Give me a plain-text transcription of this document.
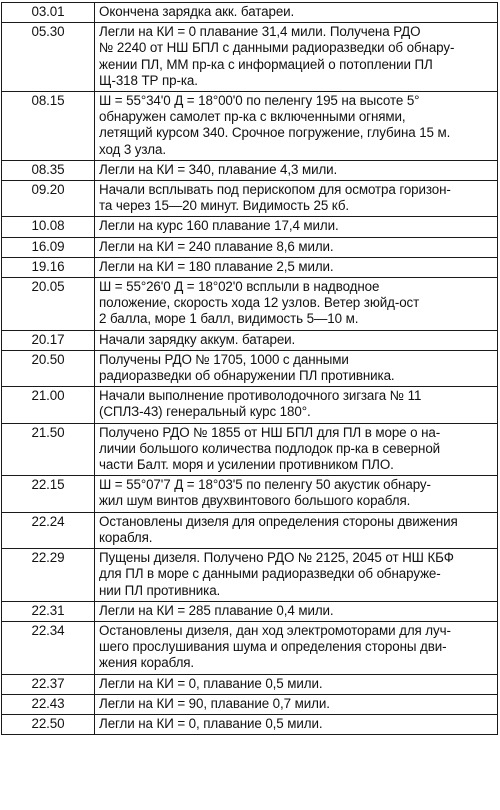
03.01	Окончена зарядка акк. батареи.
05.30	Легли на КИ = 0 плавание 31,4 мили. Получена РДО
№ 2240 от НШ БПЛ с данными радиоразведки об обнару-
жении ПЛ, ММ пр-ка с информацией о потоплении ПЛ
Щ-318 ТР пр-ка.
08.15	Ш = 55°34'0 Д = 18°00'0 по пеленгу 195 на высоте 5°
обнаружен самолет пр-ка с включенными огнями,
летящий курсом 340. Срочное погружение, глубина 15 м.
ход 3 узла.
08.35	Легли на КИ = 340, плавание 4,3 мили.
09.20	Начали всплывать под перископом для осмотра горизон-
та через 15—20 минут. Видимость 25 кб.
10.08	Легли на курс 160 плавание 17,4 мили.
16.09	Легли на КИ = 240 плавание 8,6 мили.
19.16	Легли на КИ = 180 плавание 2,5 мили.
20.05	Ш = 55°26'0 Д = 18°02'0 всплыли в надводное
положение, скорость хода 12 узлов. Ветер зюйд-ост
2 балла, море 1 балл, видимость 5—10 м.
20.17	Начали зарядку аккум. батареи.
20.50	Получены РДО № 1705, 1000 с данными
радиоразведки об обнаружении ПЛ противника.
21.00	Начали выполнение противолодочного зигзага № 11
(СПЛЗ-43) генеральный курс 180°.
21.50	Получено РДО № 1855 от НШ БПЛ для ПЛ в море о на-
личии большого количества подлодок пр-ка в северной
части Балт. моря и усилении противником ПЛО.
22.15	Ш = 55°07'7 Д = 18°03'5 по пеленгу 50 акустик обнару-
жил шум винтов двухвинтового большого корабля.
22.24	Остановлены дизеля для определения стороны движения
корабля.
22.29	Пущены дизеля. Получено РДО № 2125, 2045 от НШ КБФ
для ПЛ в море с данными радиоразведки об обнаруже-
нии ПЛ противника.
22.31	Легли на КИ = 285 плавание 0,4 мили.
22.34	Остановлены дизеля, дан ход электромоторами для луч-
шего прослушивания шума и определения стороны дви-
жения корабля.
22.37	Легли на КИ = 0, плавание 0,5 мили.
22.43	Легли на КИ = 90, плавание 0,7 мили.
22.50	Легли на КИ = 0, плавание 0,5 мили.
